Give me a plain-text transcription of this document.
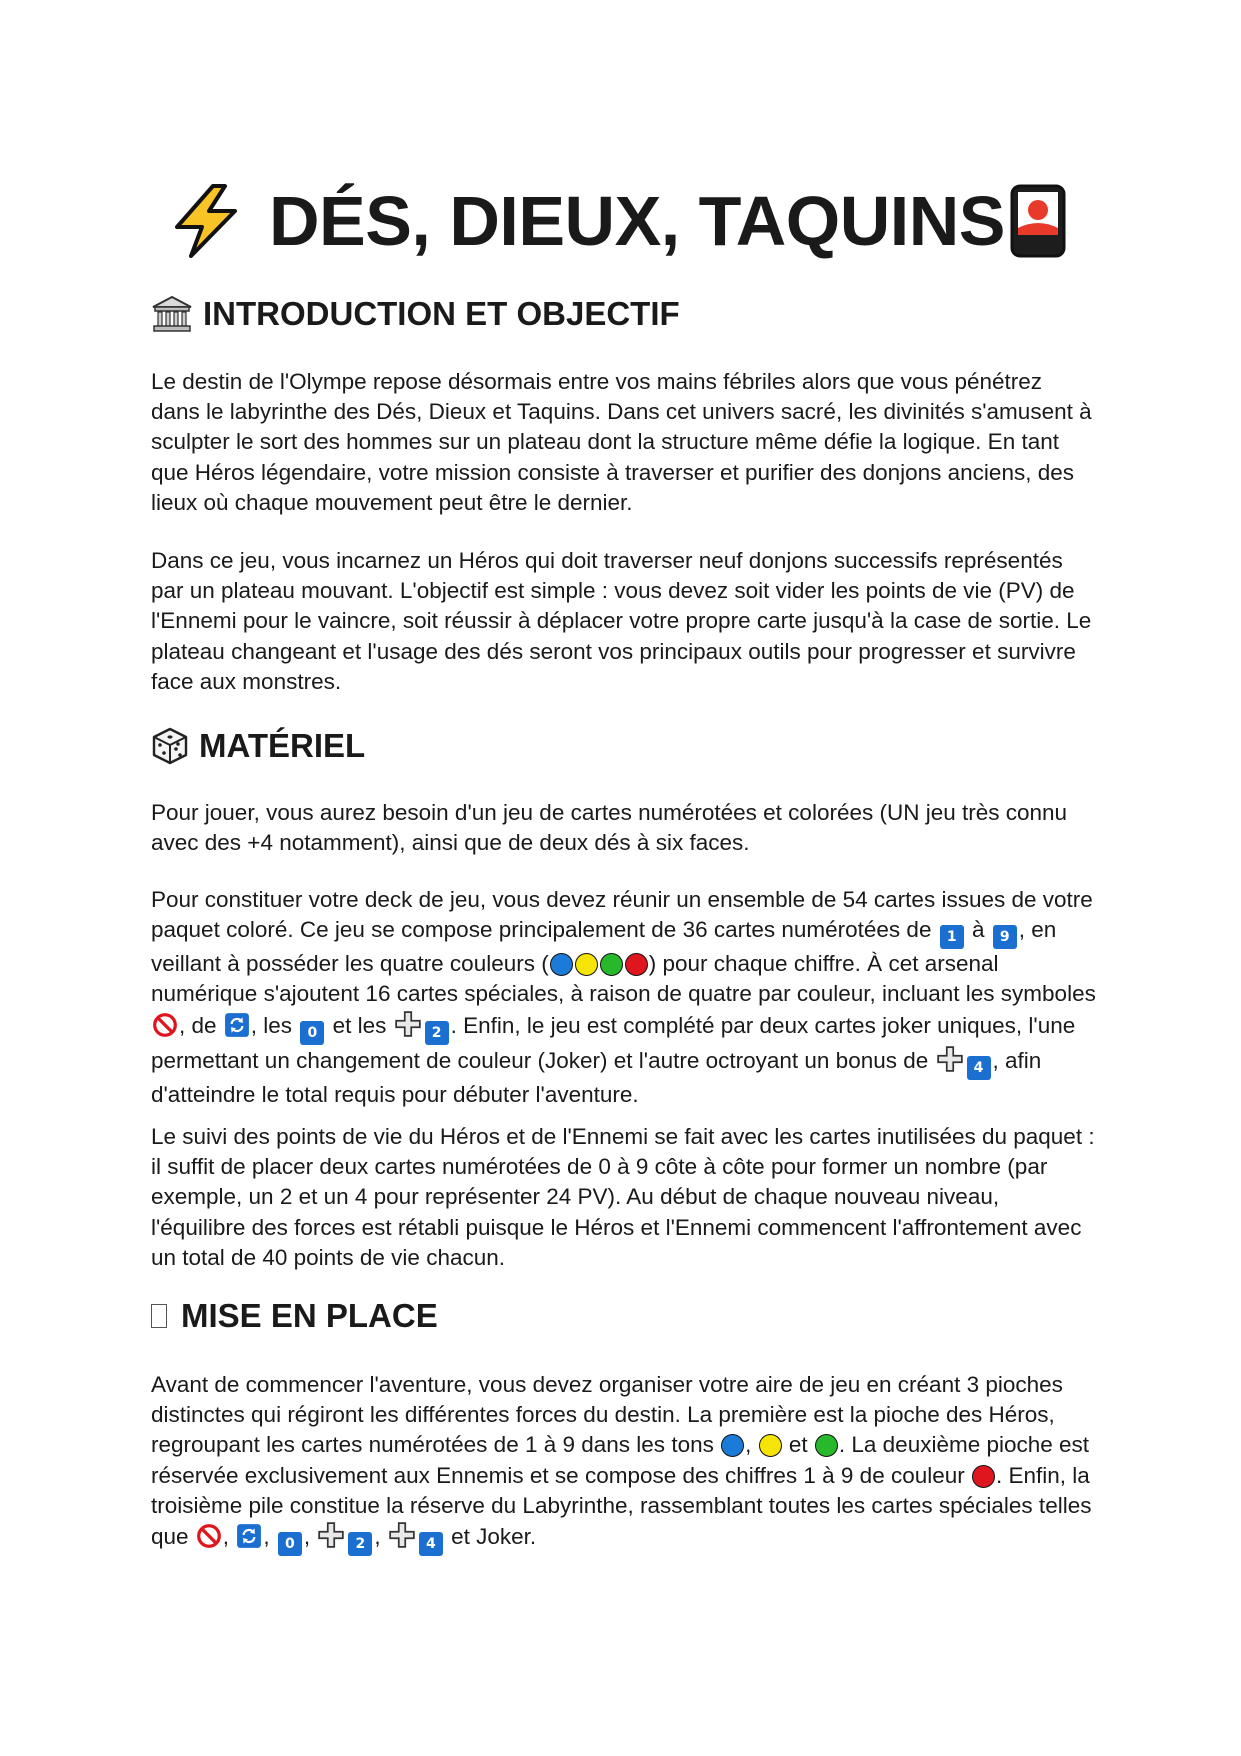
DÉS, DIEUX, TAQUINS
INTRODUCTION ET OBJECTIF

Le destin de l'Olympe repose désormais entre vos mains fébriles alors que vous pénétrez dans le labyrinthe des Dés, Dieux et Taquins. Dans cet univers sacré, les divinités s'amusent à sculpter le sort des hommes sur un plateau dont la structure même défie la logique. En tant que Héros légendaire, votre mission consiste à traverser et purifier des donjons anciens, des lieux où chaque mouvement peut être le dernier.

Dans ce jeu, vous incarnez un Héros qui doit traverser neuf donjons successifs représentés par un plateau mouvant. L'objectif est simple : vous devez soit vider les points de vie (PV) de l'Ennemi pour le vaincre, soit réussir à déplacer votre propre carte jusqu'à la case de sortie. Le plateau changeant et l'usage des dés seront vos principaux outils pour progresser et survivre face aux monstres.

MATÉRIEL

Pour jouer, vous aurez besoin d'un jeu de cartes numérotées et colorées (UN jeu très connu avec des +4 notamment), ainsi que de deux dés à six faces.

Pour constituer votre deck de jeu, vous devez réunir un ensemble de 54 cartes issues de votre paquet coloré. Ce jeu se compose principalement de 36 cartes numérotées de 1 à 9 , en veillant à posséder les quatre couleurs (	) pour chaque chiffre. À cet arsenal numérique s'ajoutent 16 cartes spéciales, à raison de quatre par couleur, incluant les symboles , de , les 0 et les	2 . Enfin, le jeu est complété par deux cartes joker uniques, l'une permettant un changement de couleur (Joker) et l'autre octroyant un bonus de	4 , afin d'atteindre le total requis pour débuter l'aventure.

Le suivi des points de vie du Héros et de l'Ennemi se fait avec les cartes inutilisées du paquet : il suffit de placer deux cartes numérotées de 0 à 9 côte à côte pour former un nombre (par exemple, un 2 et un 4 pour représenter 24 PV). Au début de chaque nouveau niveau, l'équilibre des forces est rétabli puisque le Héros et l'Ennemi commencent l'affrontement avec un total de 40 points de vie chacun.

MISE EN PLACE

Avant de commencer l'aventure, vous devez organiser votre aire de jeu en créant 3 pioches distinctes qui régiront les différentes forces du destin. La première est la pioche des Héros, regroupant les cartes numérotées de 1 à 9 dans les tons ,  et . La deuxième pioche est réservée exclusivement aux Ennemis et se compose des chiffres 1 à 9 de couleur . Enfin, la troisième pile constitue la réserve du Labyrinthe, rassemblant toutes les cartes spéciales telles que , , 0 ,	2 ,	4 et Joker.
